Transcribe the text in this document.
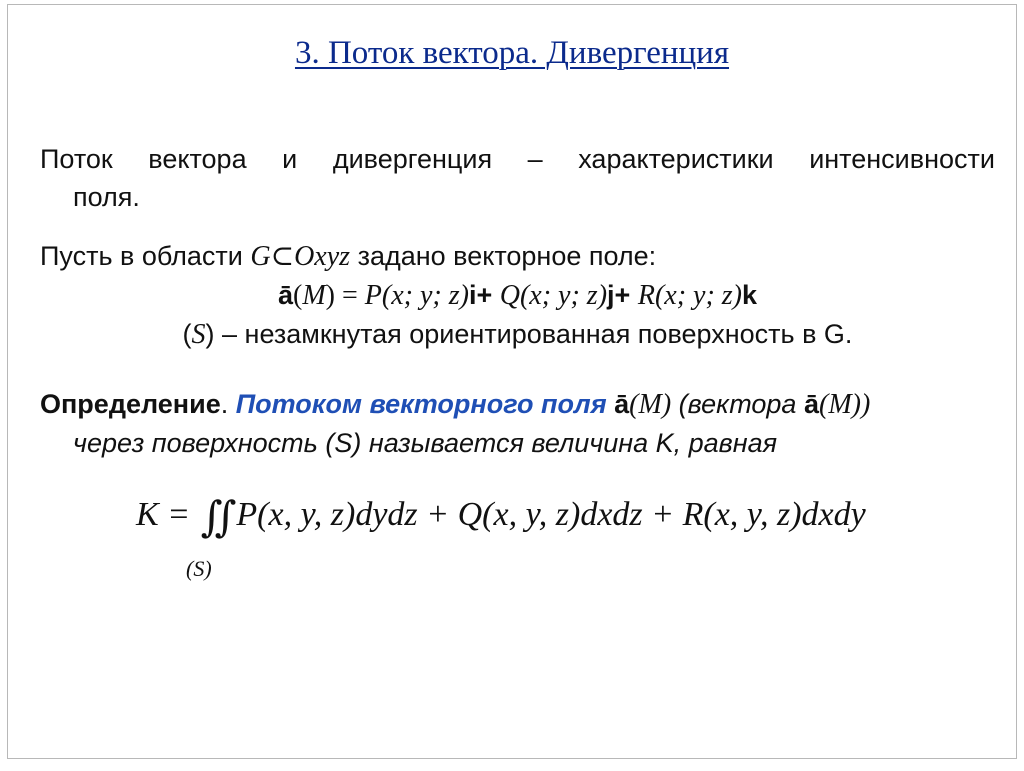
3. Поток вектора. Дивергенция
Поток вектора и дивергенция – характеристики интенсивности
поля.
Пусть в области G⊂Oxyz задано векторное поле:
ā(M) = P(x; y; z)i+ Q(x; y; z)j+ R(x; y; z)k
(S) – незамкнутая ориентированная поверхность в G.
Определение. Потоком векторного поля ā(M) (вектора ā(M))
через поверхность (S) называется величина K, равная
K = ∬ P(x, y, z)dydz + Q(x, y, z)dxdz + R(x, y, z)dxdy
(S)
